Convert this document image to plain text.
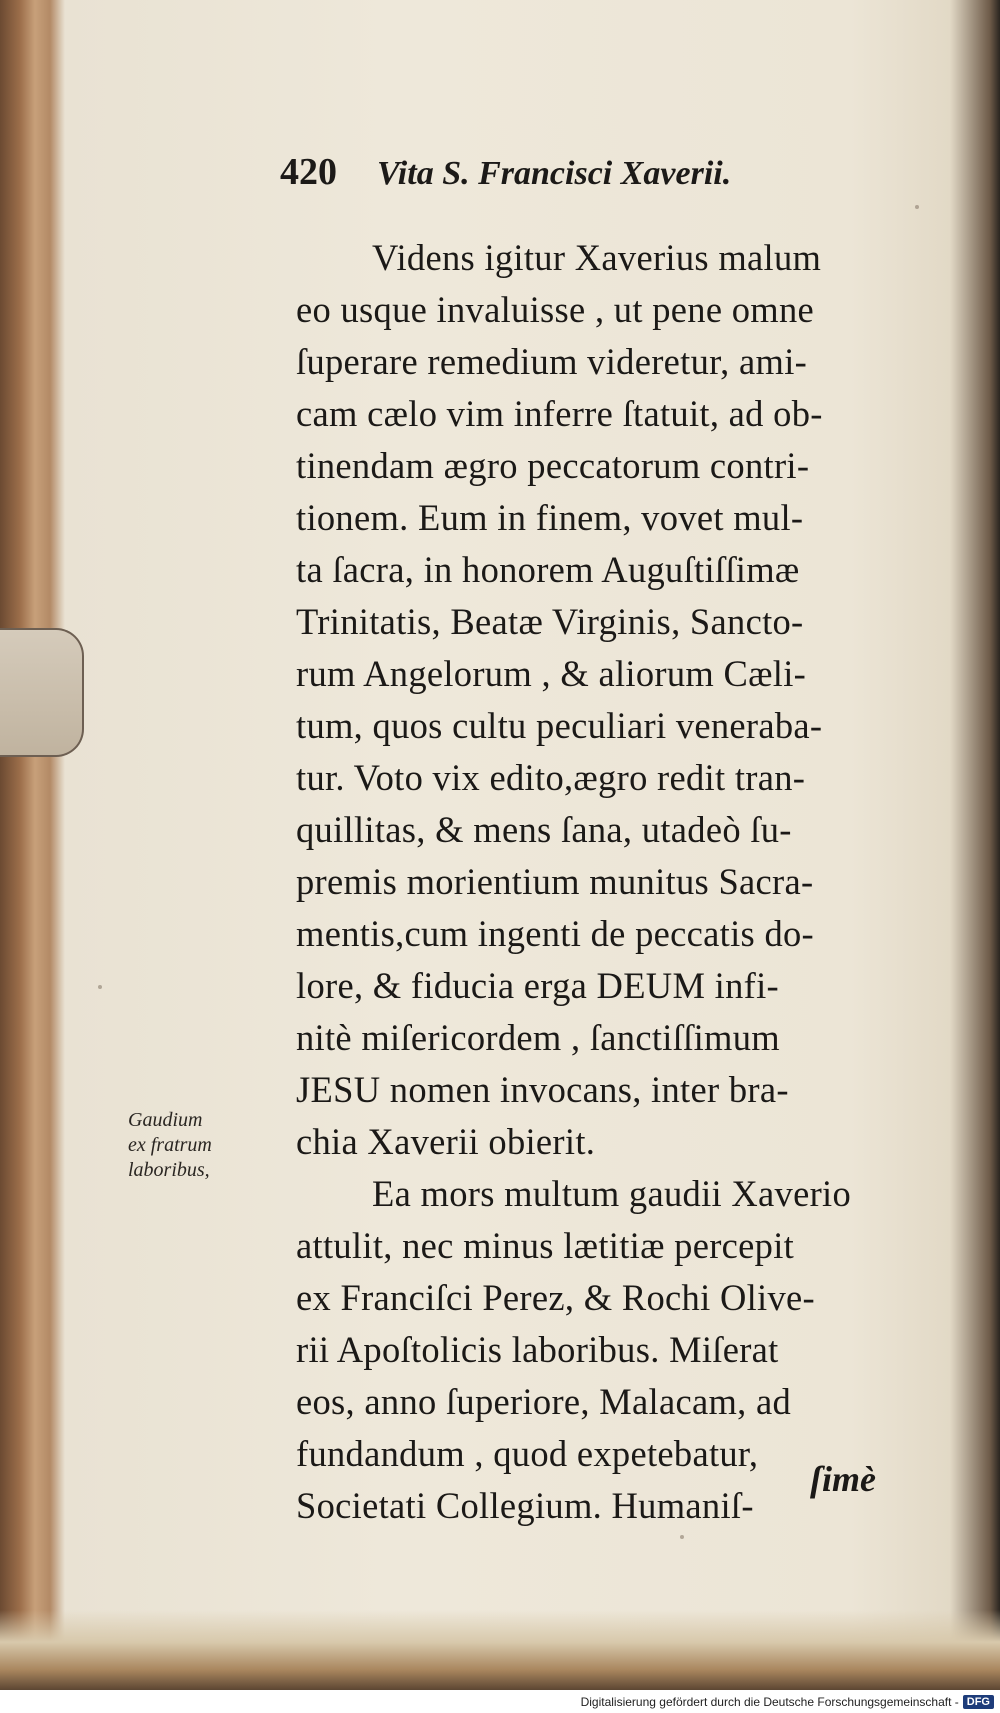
420 Vita S. Francisci Xaverii.
Videns igitur Xaverius malum
eo usque invaluisse , ut pene omne
ſuperare remedium videretur, ami-
cam cælo vim inferre ſtatuit, ad ob-
tinendam ægro peccatorum contri-
tionem. Eum in finem, vovet mul-
ta ſacra, in honorem Auguſtiſſimæ
Trinitatis, Beatæ Virginis, Sancto-
rum Angelorum , & aliorum Cæli-
tum, quos cultu peculiari veneraba-
tur. Voto vix edito,ægro redit tran-
quillitas, & mens ſana, utadeò ſu-
premis morientium munitus Sacra-
mentis,cum ingenti de peccatis do-
lore, & fiducia erga DEUM infi-
nitè miſericordem , ſanctiſſimum
JESU nomen invocans, inter bra-
chia Xaverii obierit.
Ea mors multum gaudii Xaverio
attulit, nec minus lætitiæ percepit
ex Franciſci Perez, & Rochi Olive-
rii Apoſtolicis laboribus. Miſerat
eos, anno ſuperiore, Malacam, ad
fundandum , quod expetebatur,
Societati Collegium. Humaniſ-
Gaudium
ex fratrum
laboribus,
ſimè
Digitalisierung gefördert durch die Deutsche Forschungsgemeinschaft - DFG
